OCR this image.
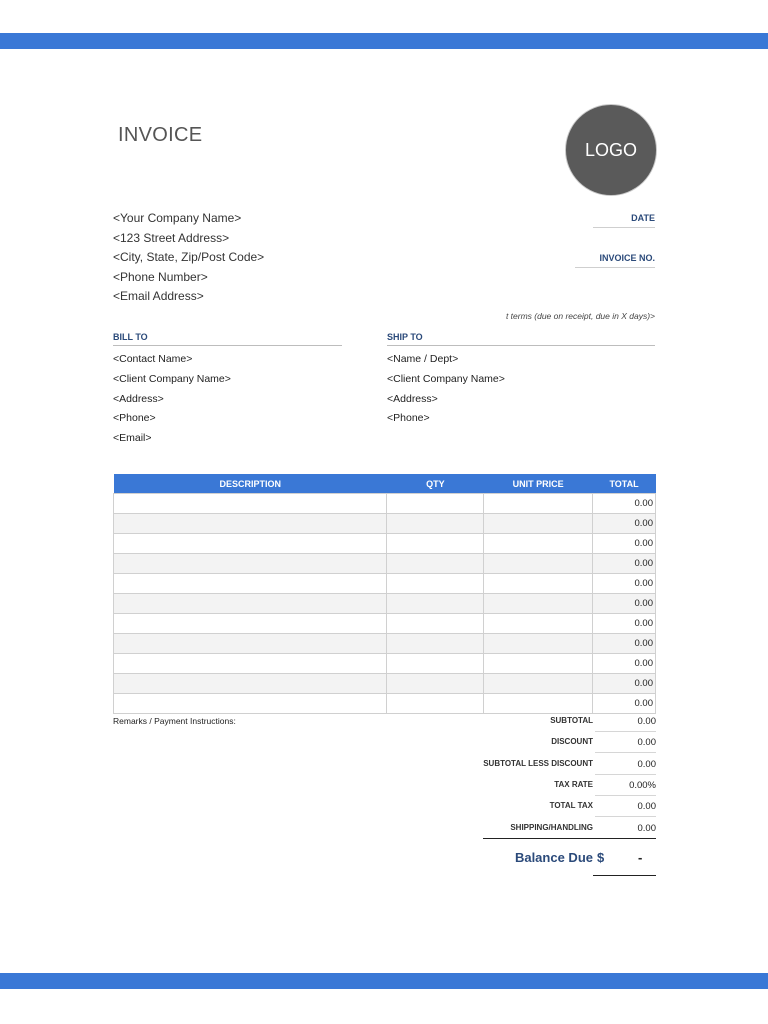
INVOICE
LOGO
<Your Company Name>
<123 Street Address>
<City, State, Zip/Post Code>
<Phone Number>
<Email Address>
DATE
INVOICE NO.
t terms (due on receipt, due in X days)>
BILL TO	SHIP TO
<Contact Name>
<Client Company Name>
<Address>
<Phone>
<Email>
<Name / Dept>
<Client Company Name>
<Address>
<Phone>
DESCRIPTION	QTY	UNIT PRICE	TOTAL
			0.00
			0.00
			0.00
			0.00
			0.00
			0.00
			0.00
			0.00
			0.00
			0.00
			0.00
Remarks / Payment Instructions:	SUBTOTAL	0.00
DISCOUNT	0.00
SUBTOTAL LESS DISCOUNT	0.00
TAX RATE	0.00%
TOTAL TAX	0.00
SHIPPING/HANDLING	0.00
Balance Due $	-
